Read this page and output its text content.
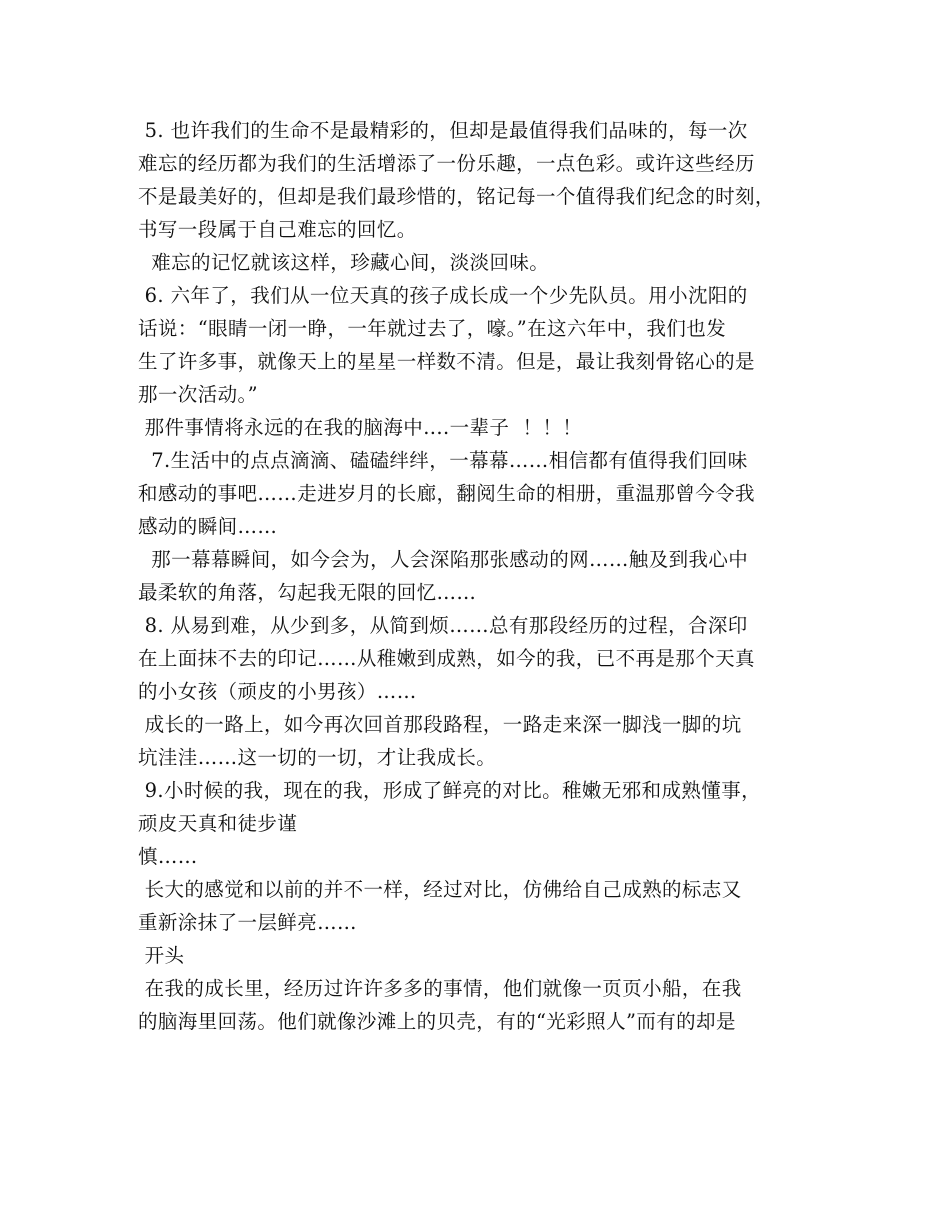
5. 也许我们的生命不是最精彩的，但却是最值得我们品味的，每一次
难忘的经历都为我们的生活增添了一份乐趣，一点色彩。或许这些经历
不是最美好的，但却是我们最珍惜的，铭记每一个值得我们纪念的时刻，
书写一段属于自己难忘的回忆。
难忘的记忆就该这样，珍藏心间，淡淡回味。
6. 六年了，我们从一位天真的孩子成长成一个少先队员。用小沈阳的
话说：“眼睛一闭一睁，一年就过去了，嚎。”在这六年中，我们也发
生了许多事，就像天上的星星一样数不清。但是，最让我刻骨铭心的是
那一次活动。”
那件事情将永远的在我的脑海中....一辈子  ！！！
7.生活中的点点滴滴、磕磕绊绊，一幕幕……相信都有值得我们回味
和感动的事吧……走进岁月的长廊，翻阅生命的相册，重温那曾今令我
感动的瞬间……
那一幕幕瞬间，如今会为，人会深陷那张感动的网……触及到我心中
最柔软的角落，勾起我无限的回忆……
8. 从易到难，从少到多，从简到烦……总有那段经历的过程，合深印
在上面抹不去的印记……从稚嫩到成熟，如今的我，已不再是那个天真
的小女孩（顽皮的小男孩）……
成长的一路上，如今再次回首那段路程，一路走来深一脚浅一脚的坑
坑洼洼……这一切的一切，才让我成长。
9.小时候的我，现在的我，形成了鲜亮的对比。稚嫩无邪和成熟懂事，
顽皮天真和徒步谨
慎……
长大的感觉和以前的并不一样，经过对比，仿佛给自己成熟的标志又
重新涂抹了一层鲜亮……
开头
在我的成长里，经历过许许多多的事情，他们就像一页页小船，在我
的脑海里回荡。他们就像沙滩上的贝壳，有的“光彩照人”而有的却是
